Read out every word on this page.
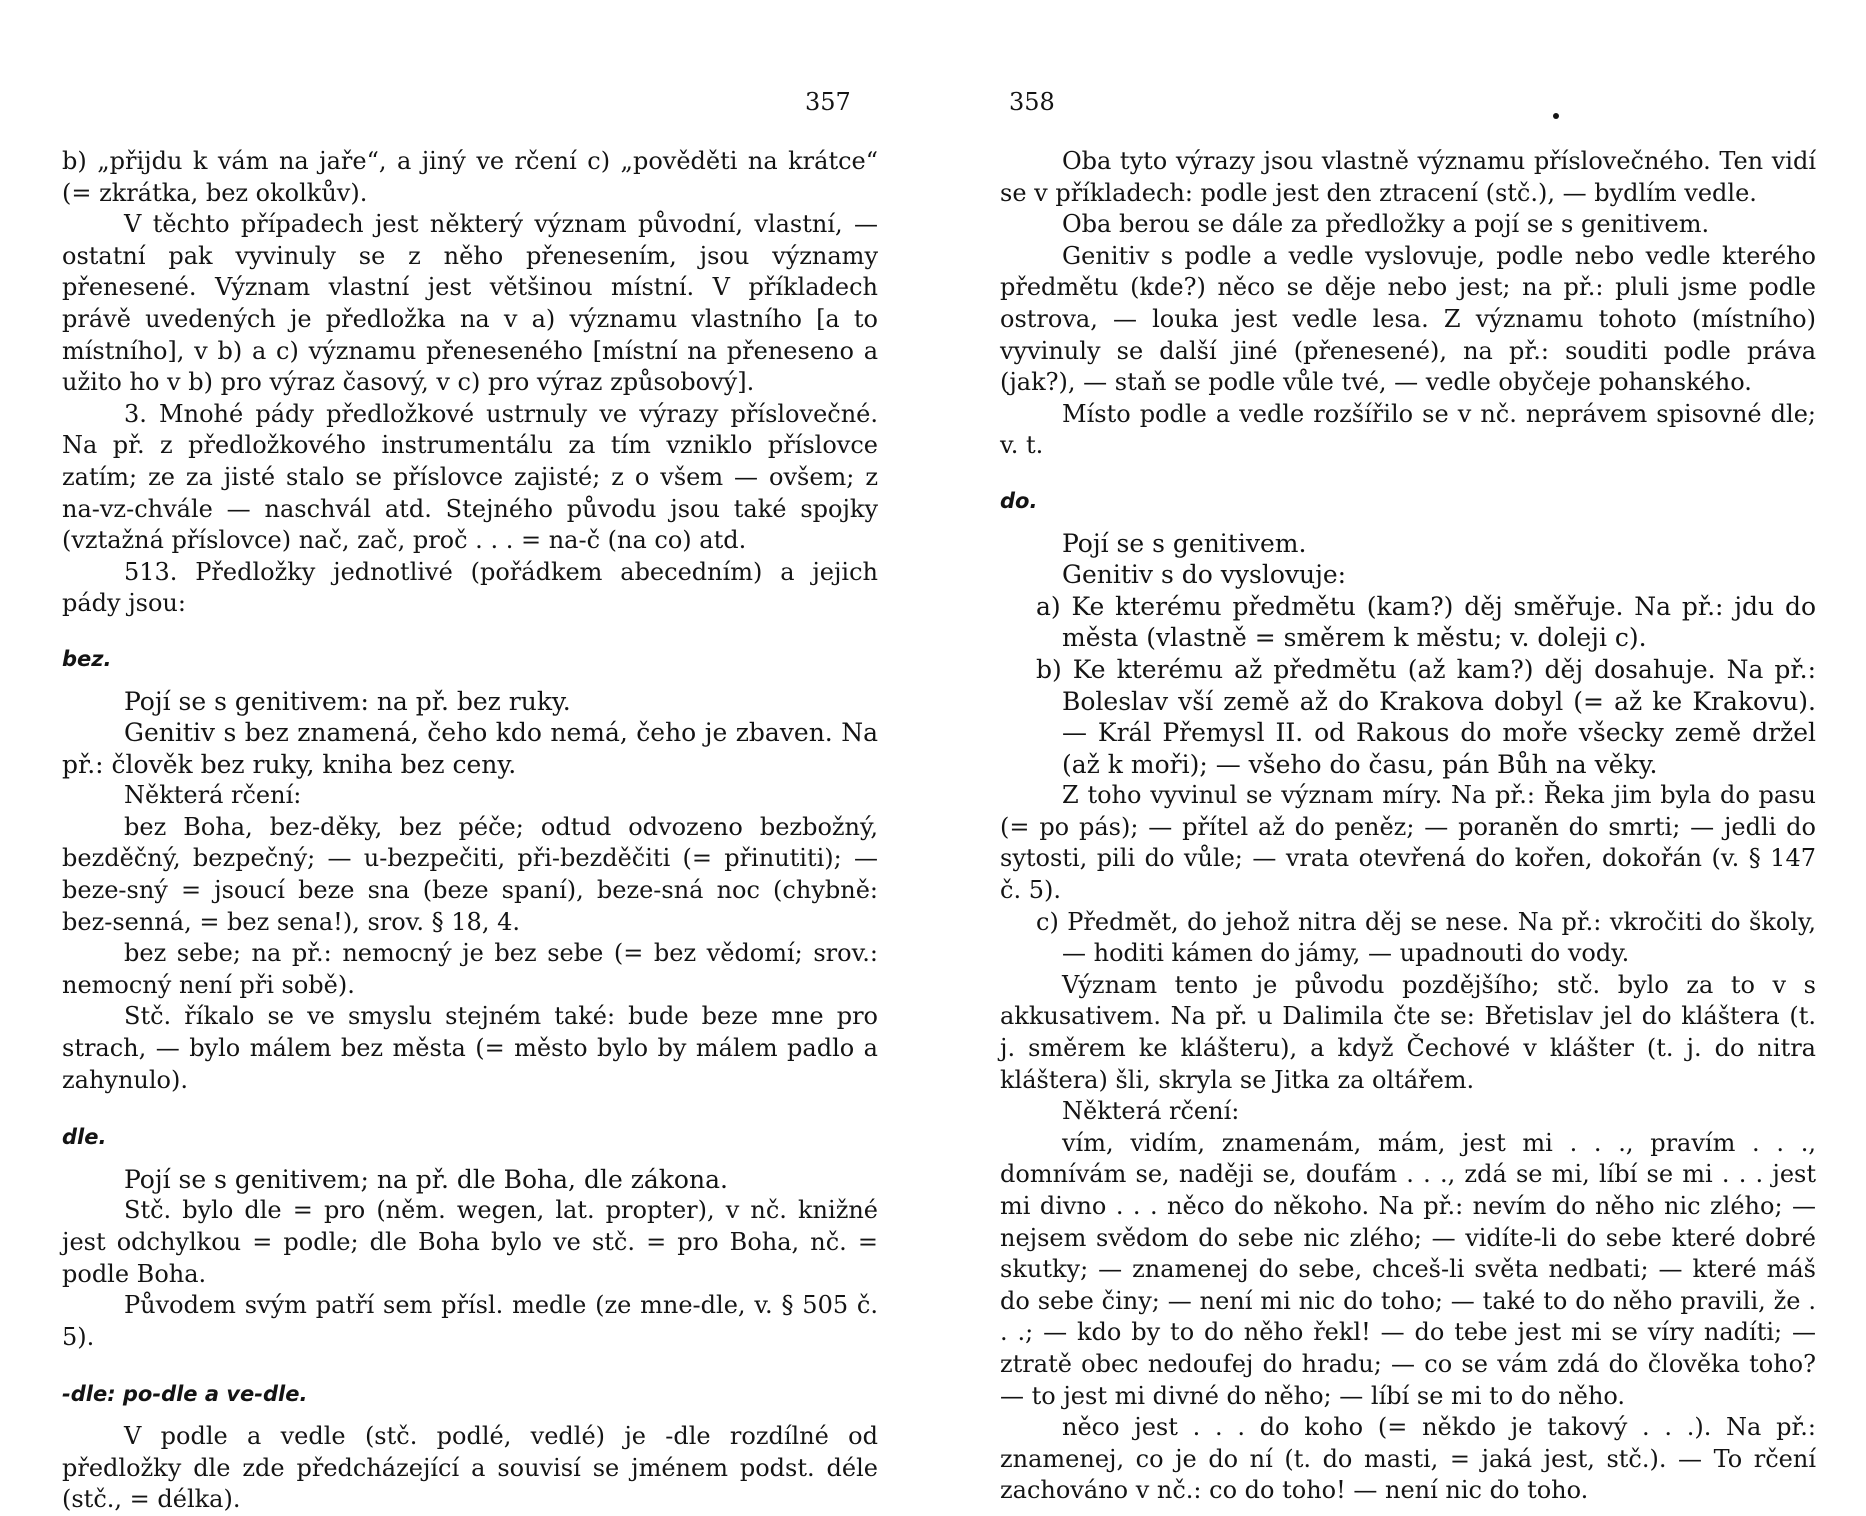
357

b) „přijdu k vám na jaře“, a jiný ve rčení c) „pověděti na krátce“ (= zkrátka, bez okolkův).

V těchto případech jest některý význam původní, vlastní, — ostatní pak vyvinuly se z něho přenesením, jsou významy přenesené. Význam vlastní jest většinou místní. V příkladech právě uvedených je předložka na v a) významu vlastního [a to místního], v b) a c) významu přeneseného [místní na přeneseno a užito ho v b) pro výraz časový, v c) pro výraz způsobový].

3. Mnohé pády předložkové ustrnuly ve výrazy příslovečné. Na př. z předložkového instrumentálu za tím vzniklo příslovce zatím; ze za jisté stalo se příslovce zajisté; z o všem — ovšem; z na-vz-chvále — naschvál atd. Stejného původu jsou také spojky (vztažná příslovce) nač, zač, proč . . . = na-č (na co) atd.

513. Předložky jednotlivé (pořádkem abecedním) a jejich pády jsou:

bez.

Pojí se s genitivem: na př. bez ruky.

Genitiv s bez znamená, čeho kdo nemá, čeho je zbaven. Na př.: člověk bez ruky, kniha bez ceny.

Některá rčení:

bez Boha, bez-děky, bez péče; odtud odvozeno bezbožný, bezděčný, bezpečný; — u-bezpečiti, při-bezděčiti (= přinutiti); — beze-sný = jsoucí beze sna (beze spaní), beze-sná noc (chybně: bez-senná, = bez sena!), srov. § 18, 4.

bez sebe; na př.: nemocný je bez sebe (= bez vědomí; srov.: nemocný není při sobě).

Stč. říkalo se ve smyslu stejném také: bude beze mne pro strach, — bylo málem bez města (= město bylo by málem padlo a zahynulo).

dle.

Pojí se s genitivem; na př. dle Boha, dle zákona.

Stč. bylo dle = pro (něm. wegen, lat. propter), v nč. knižné jest odchylkou = podle; dle Boha bylo ve stč. = pro Boha, nč. = podle Boha.

Původem svým patří sem přísl. medle (ze mne-dle, v. § 505 č. 5).

-dle: po-dle a ve-dle.

V podle a vedle (stč. podlé, vedlé) je -dle rozdílné od předložky dle zde předcházející a souvisí se jménem podst. déle (stč., = délka).

358

Oba tyto výrazy jsou vlastně významu příslovečného. Ten vidí se v příkladech: podle jest den ztracení (stč.), — bydlím vedle.

Oba berou se dále za předložky a pojí se s genitivem.

Genitiv s podle a vedle vyslovuje, podle nebo vedle kterého předmětu (kde?) něco se děje nebo jest; na př.: pluli jsme podle ostrova, — louka jest vedle lesa. Z významu tohoto (místního) vyvinuly se další jiné (přenesené), na př.: souditi podle práva (jak?), — staň se podle vůle tvé, — vedle obyčeje pohanského.

Místo podle a vedle rozšířilo se v nč. neprávem spisovné dle; v. t.

do.

Pojí se s genitivem.

Genitiv s do vyslovuje:

a) Ke kterému předmětu (kam?) děj směřuje. Na př.: jdu do města (vlastně = směrem k městu; v. doleji c).

b) Ke kterému až předmětu (až kam?) děj dosahuje. Na př.: Boleslav vší země až do Krakova dobyl (= až ke Krakovu). — Král Přemysl II. od Rakous do moře všecky země držel (až k moři); — všeho do času, pán Bůh na věky.

Z toho vyvinul se význam míry. Na př.: Řeka jim byla do pasu (= po pás); — přítel až do peněz; — poraněn do smrti; — jedli do sytosti, pili do vůle; — vrata otevřená do kořen, dokořán (v. § 147 č. 5).

c) Předmět, do jehož nitra děj se nese. Na př.: vkročiti do školy, — hoditi kámen do jámy, — upadnouti do vody.

Význam tento je původu pozdějšího; stč. bylo za to v s akkusativem. Na př. u Dalimila čte se: Břetislav jel do kláštera (t. j. směrem ke klášteru), a když Čechové v klášter (t. j. do nitra kláštera) šli, skryla se Jitka za oltářem.

Některá rčení:

vím, vidím, znamenám, mám, jest mi . . ., pravím . . ., domnívám se, naději se, doufám . . ., zdá se mi, líbí se mi . . . jest mi divno . . . něco do někoho. Na př.: nevím do něho nic zlého; — nejsem svědom do sebe nic zlého; — vidíte-li do sebe které dobré skutky; — znamenej do sebe, chceš-li světa nedbati; — které máš do sebe činy; — není mi nic do toho; — také to do něho pravili, že . . .; — kdo by to do něho řekl! — do tebe jest mi se víry nadíti; — ztratě obec nedoufej do hradu; — co se vám zdá do člověka toho? — to jest mi divné do něho; — líbí se mi to do něho.

něco jest . . . do koho (= někdo je takový . . .). Na př.: znamenej, co je do ní (t. do masti, = jaká jest, stč.). — To rčení zachováno v nč.: co do toho! — není nic do toho.
